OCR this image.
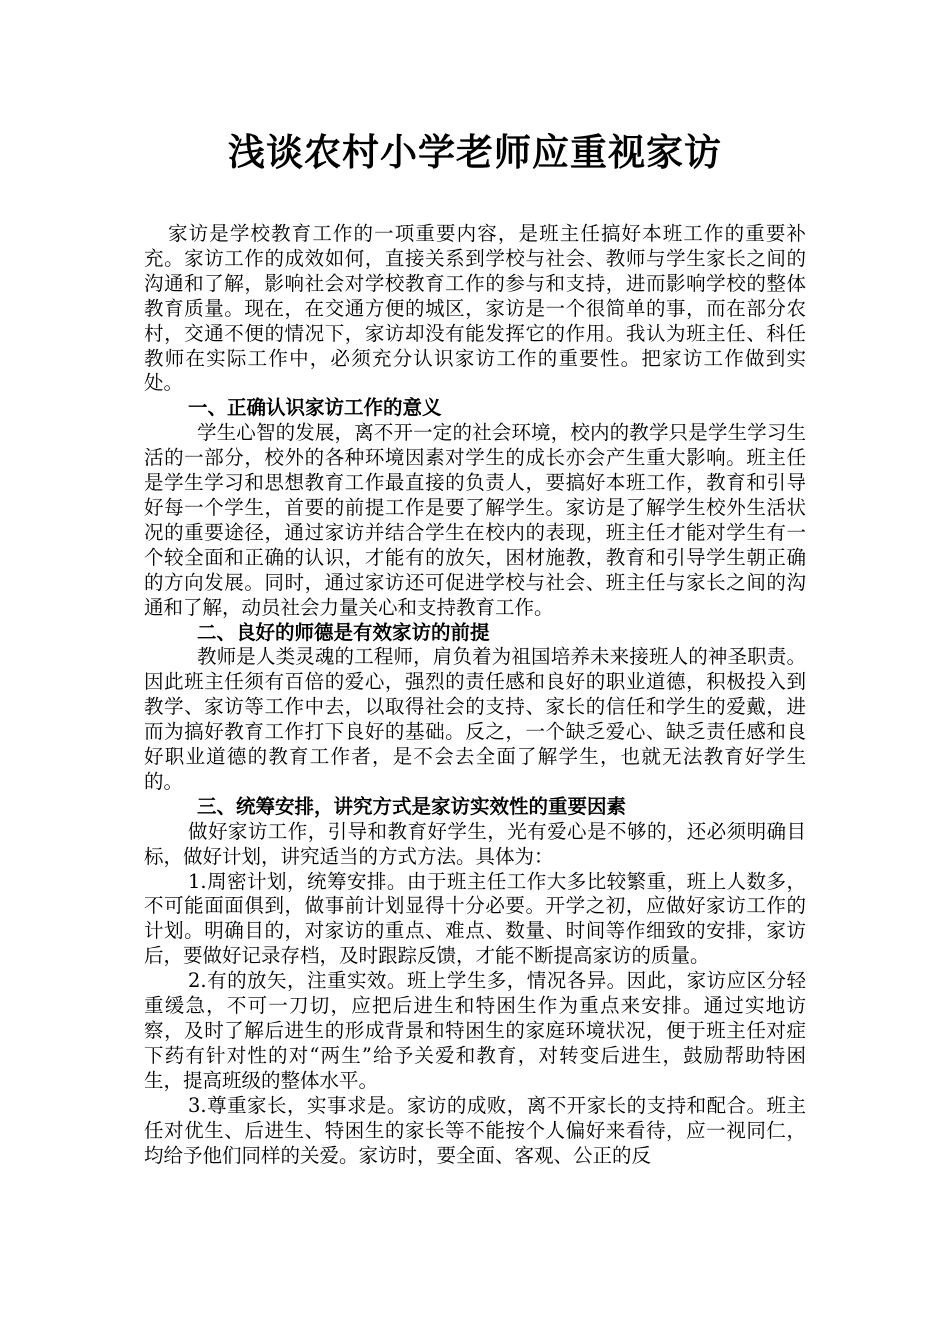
浅谈农村小学老师应重视家访

家访是学校教育工作的一项重要内容，是班主任搞好本班工作的重要补充。家访工作的成效如何，直接关系到学校与社会、教师与学生家长之间的沟通和了解，影响社会对学校教育工作的参与和支持，进而影响学校的整体教育质量。现在，在交通方便的城区，家访是一个很简单的事，而在部分农村，交通不便的情况下，家访却没有能发挥它的作用。我认为班主任、科任教师在实际工作中，必须充分认识家访工作的重要性。把家访工作做到实处。

一、正确认识家访工作的意义

学生心智的发展，离不开一定的社会环境，校内的教学只是学生学习生活的一部分，校外的各种环境因素对学生的成长亦会产生重大影响。班主任是学生学习和思想教育工作最直接的负责人，要搞好本班工作，教育和引导好每一个学生，首要的前提工作是要了解学生。家访是了解学生校外生活状况的重要途径，通过家访并结合学生在校内的表现，班主任才能对学生有一个较全面和正确的认识，才能有的放矢，困材施教，教育和引导学生朝正确的方向发展。同时，通过家访还可促进学校与社会、班主任与家长之间的沟通和了解，动员社会力量关心和支持教育工作。

二、良好的师德是有效家访的前提

教师是人类灵魂的工程师，肩负着为祖国培养未来接班人的神圣职责。因此班主任须有百倍的爱心，强烈的责任感和良好的职业道德，积极投入到教学、家访等工作中去，以取得社会的支持、家长的信任和学生的爱戴，进而为搞好教育工作打下良好的基础。反之，一个缺乏爱心、缺乏责任感和良好职业道德的教育工作者，是不会去全面了解学生，也就无法教育好学生的。

三、统筹安排，讲究方式是家访实效性的重要因素

做好家访工作，引导和教育好学生，光有爱心是不够的，还必须明确目标，做好计划，讲究适当的方式方法。具体为：

1.周密计划，统筹安排。由于班主任工作大多比较繁重，班上人数多，不可能面面俱到，做事前计划显得十分必要。开学之初，应做好家访工作的计划。明确目的，对家访的重点、难点、数量、时间等作细致的安排，家访后，要做好记录存档，及时跟踪反馈，才能不断提高家访的质量。

2.有的放矢，注重实效。班上学生多，情况各异。因此，家访应区分轻重缓急，不可一刀切，应把后进生和特困生作为重点来安排。通过实地访察，及时了解后进生的形成背景和特困生的家庭环境状况，便于班主任对症下药有针对性的对“两生”给予关爱和教育，对转变后进生，鼓励帮助特困生，提高班级的整体水平。

3.尊重家长，实事求是。家访的成败，离不开家长的支持和配合。班主任对优生、后进生、特困生的家长等不能按个人偏好来看待，应一视同仁，均给予他们同样的关爱。家访时，要全面、客观、公正的反
